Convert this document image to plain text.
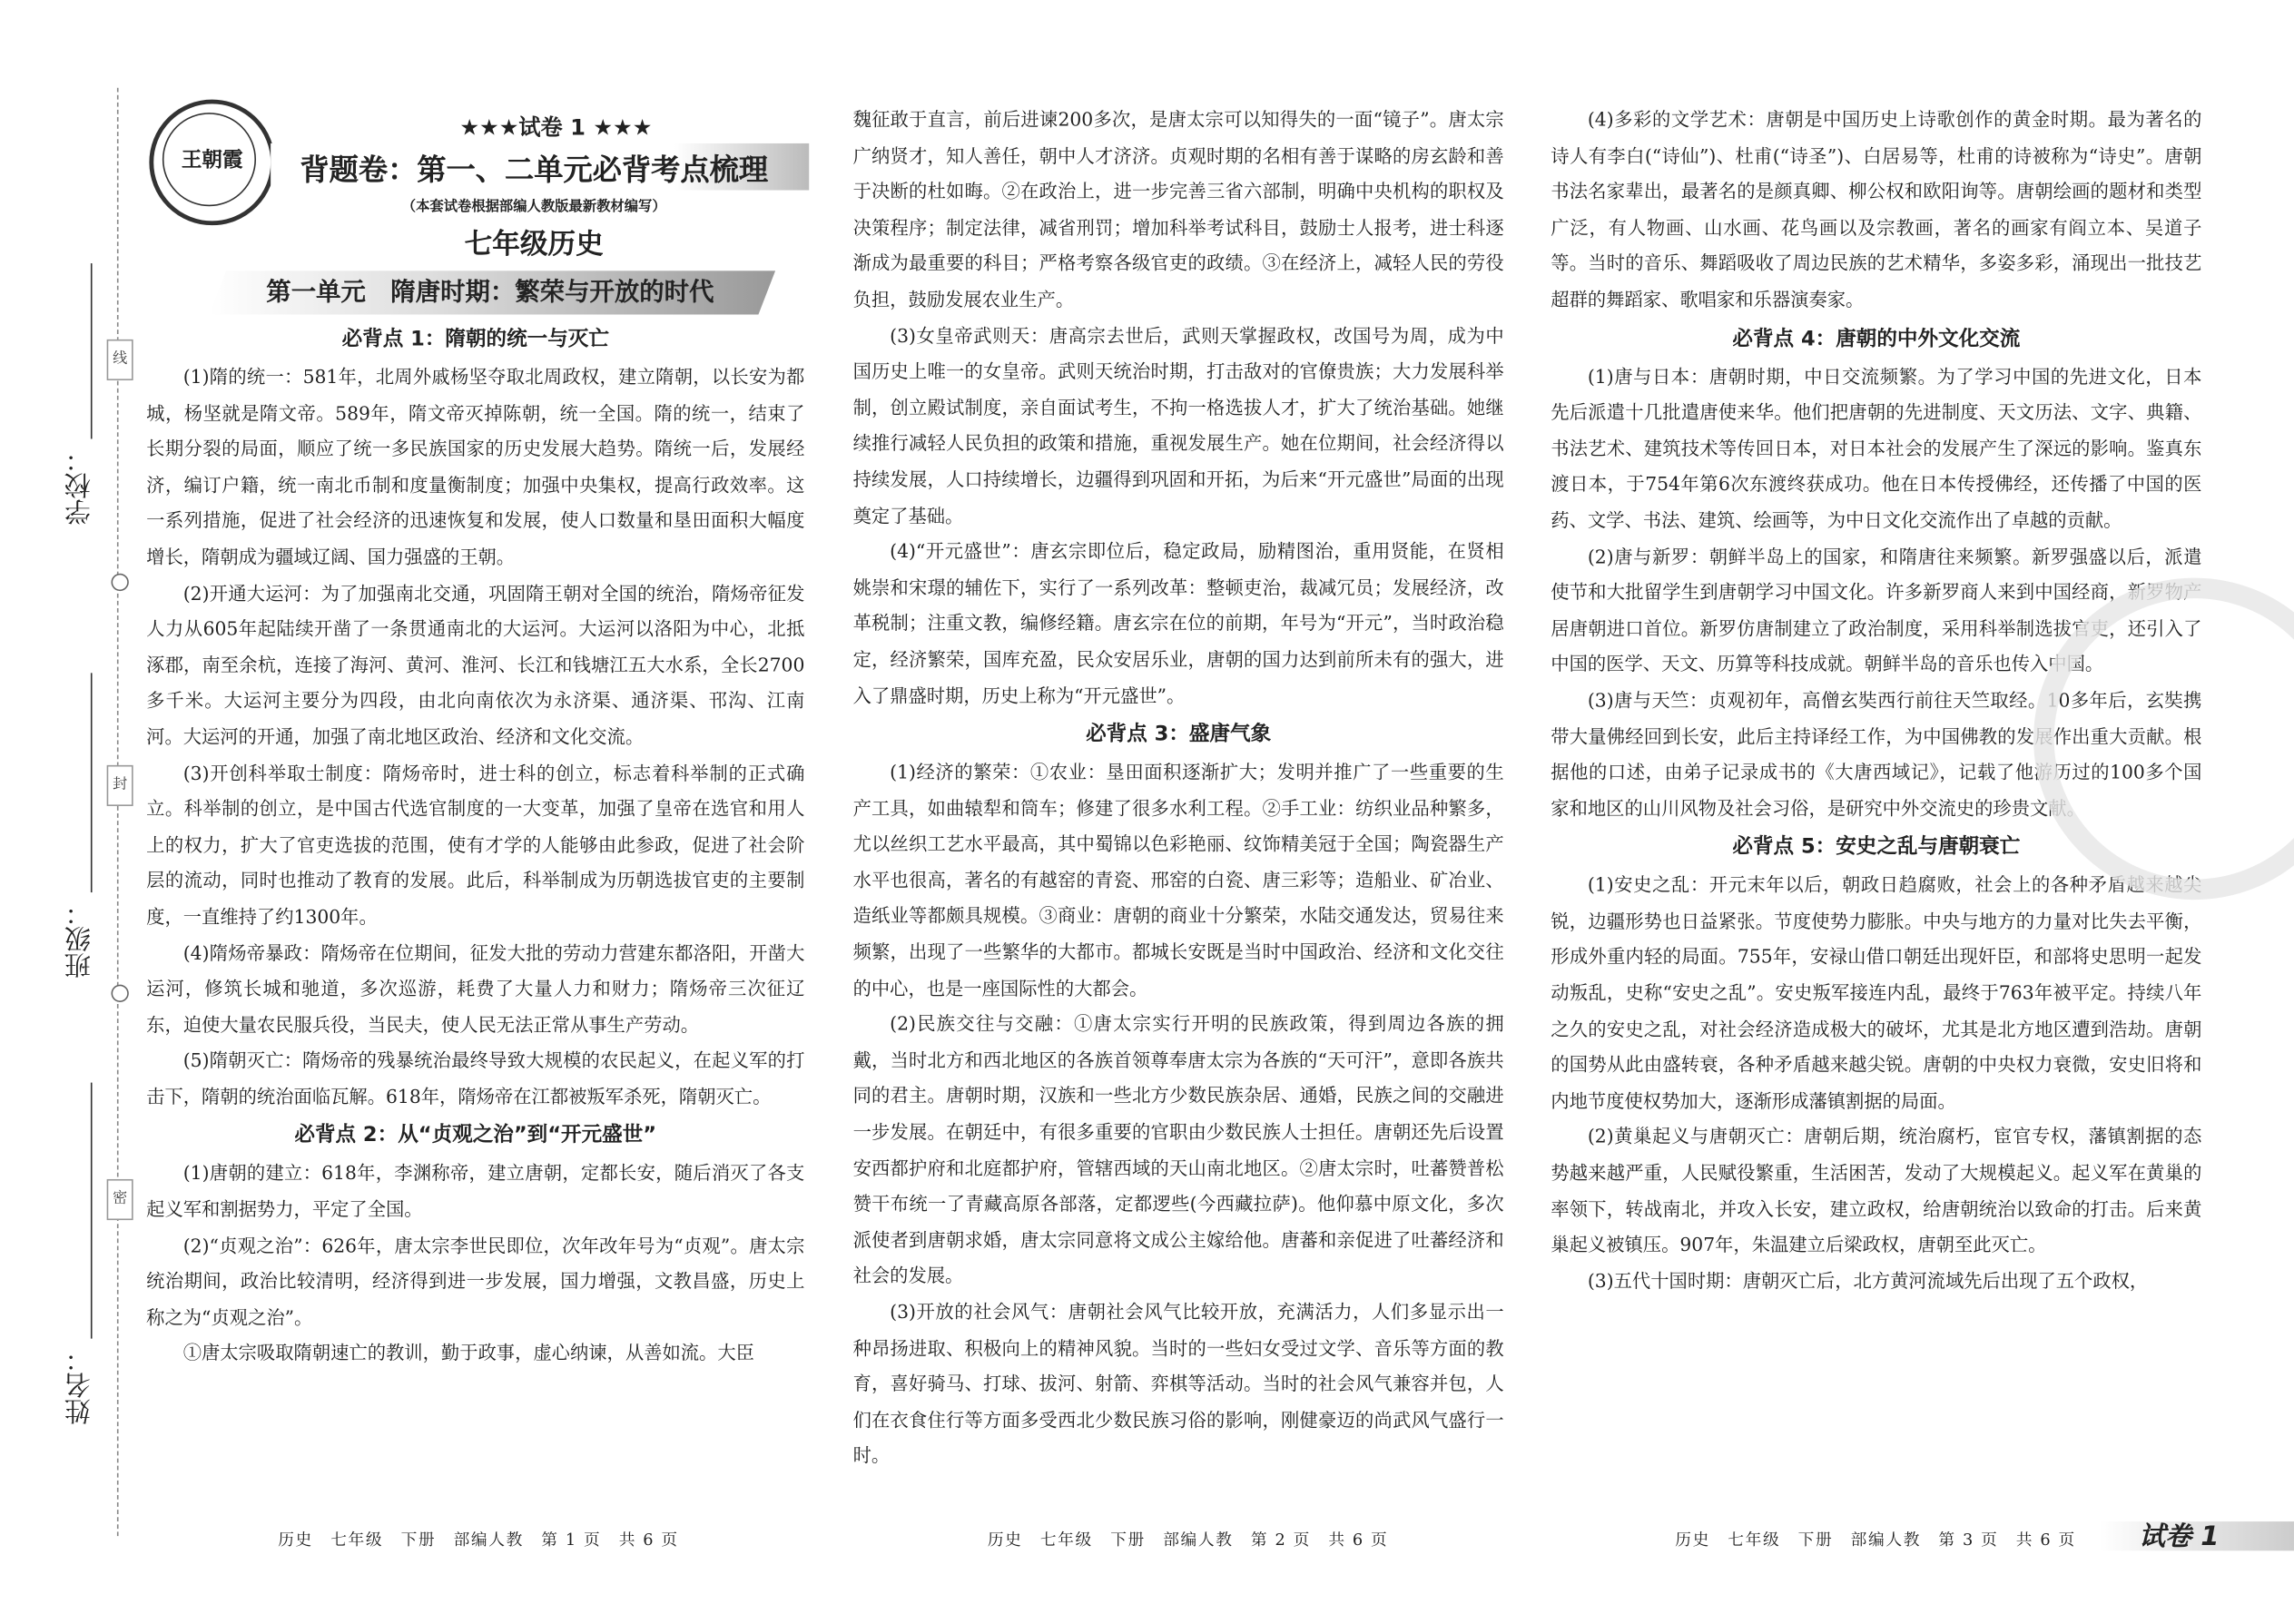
学校：
班级：
姓名：
线
封
密
王朝霞
★★★试卷 1 ★★★
背题卷：第一、二单元必背考点梳理
（本套试卷根据部编人教版最新教材编写）
七年级历史
第一单元　隋唐时期：繁荣与开放的时代
必背点 1：隋朝的统一与灭亡

(1)隋的统一：581年，北周外戚杨坚夺取北周政权，建立隋朝，以长安为都城，杨坚就是隋文帝。589年，隋文帝灭掉陈朝，统一全国。隋的统一，结束了长期分裂的局面，顺应了统一多民族国家的历史发展大趋势。隋统一后，发展经济，编订户籍，统一南北币制和度量衡制度；加强中央集权，提高行政效率。这一系列措施，促进了社会经济的迅速恢复和发展，使人口数量和垦田面积大幅度增长，隋朝成为疆域辽阔、国力强盛的王朝。

(2)开通大运河：为了加强南北交通，巩固隋王朝对全国的统治，隋炀帝征发人力从605年起陆续开凿了一条贯通南北的大运河。大运河以洛阳为中心，北抵涿郡，南至余杭，连接了海河、黄河、淮河、长江和钱塘江五大水系，全长2700多千米。大运河主要分为四段，由北向南依次为永济渠、通济渠、邗沟、江南河。大运河的开通，加强了南北地区政治、经济和文化交流。

(3)开创科举取士制度：隋炀帝时，进士科的创立，标志着科举制的正式确立。科举制的创立，是中国古代选官制度的一大变革，加强了皇帝在选官和用人上的权力，扩大了官吏选拔的范围，使有才学的人能够由此参政，促进了社会阶层的流动，同时也推动了教育的发展。此后，科举制成为历朝选拔官吏的主要制度，一直维持了约1300年。

(4)隋炀帝暴政：隋炀帝在位期间，征发大批的劳动力营建东都洛阳，开凿大运河，修筑长城和驰道，多次巡游，耗费了大量人力和财力；隋炀帝三次征辽东，迫使大量农民服兵役，当民夫，使人民无法正常从事生产劳动。

(5)隋朝灭亡：隋炀帝的残暴统治最终导致大规模的农民起义，在起义军的打击下，隋朝的统治面临瓦解。618年，隋炀帝在江都被叛军杀死，隋朝灭亡。

必背点 2：从“贞观之治”到“开元盛世”

(1)唐朝的建立：618年，李渊称帝，建立唐朝，定都长安，随后消灭了各支起义军和割据势力，平定了全国。

(2)“贞观之治”：626年，唐太宗李世民即位，次年改年号为“贞观”。唐太宗统治期间，政治比较清明，经济得到进一步发展，国力增强，文教昌盛，历史上称之为“贞观之治”。

①唐太宗吸取隋朝速亡的教训，勤于政事，虚心纳谏，从善如流。大臣

魏征敢于直言，前后进谏200多次，是唐太宗可以知得失的一面“镜子”。唐太宗广纳贤才，知人善任，朝中人才济济。贞观时期的名相有善于谋略的房玄龄和善于决断的杜如晦。②在政治上，进一步完善三省六部制，明确中央机构的职权及决策程序；制定法律，减省刑罚；增加科举考试科目，鼓励士人报考，进士科逐渐成为最重要的科目；严格考察各级官吏的政绩。③在经济上，减轻人民的劳役负担，鼓励发展农业生产。

(3)女皇帝武则天：唐高宗去世后，武则天掌握政权，改国号为周，成为中国历史上唯一的女皇帝。武则天统治时期，打击敌对的官僚贵族；大力发展科举制，创立殿试制度，亲自面试考生，不拘一格选拔人才，扩大了统治基础。她继续推行减轻人民负担的政策和措施，重视发展生产。她在位期间，社会经济得以持续发展，人口持续增长，边疆得到巩固和开拓，为后来“开元盛世”局面的出现奠定了基础。

(4)“开元盛世”：唐玄宗即位后，稳定政局，励精图治，重用贤能，在贤相姚崇和宋璟的辅佐下，实行了一系列改革：整顿吏治，裁减冗员；发展经济，改革税制；注重文教，编修经籍。唐玄宗在位的前期，年号为“开元”，当时政治稳定，经济繁荣，国库充盈，民众安居乐业，唐朝的国力达到前所未有的强大，进入了鼎盛时期，历史上称为“开元盛世”。

必背点 3：盛唐气象

(1)经济的繁荣：①农业：垦田面积逐渐扩大；发明并推广了一些重要的生产工具，如曲辕犁和筒车；修建了很多水利工程。②手工业：纺织业品种繁多，尤以丝织工艺水平最高，其中蜀锦以色彩艳丽、纹饰精美冠于全国；陶瓷器生产水平也很高，著名的有越窑的青瓷、邢窑的白瓷、唐三彩等；造船业、矿冶业、造纸业等都颇具规模。③商业：唐朝的商业十分繁荣，水陆交通发达，贸易往来频繁，出现了一些繁华的大都市。都城长安既是当时中国政治、经济和文化交往的中心，也是一座国际性的大都会。

(2)民族交往与交融：①唐太宗实行开明的民族政策，得到周边各族的拥戴，当时北方和西北地区的各族首领尊奉唐太宗为各族的“天可汗”，意即各族共同的君主。唐朝时期，汉族和一些北方少数民族杂居、通婚，民族之间的交融进一步发展。在朝廷中，有很多重要的官职由少数民族人士担任。唐朝还先后设置安西都护府和北庭都护府，管辖西域的天山南北地区。②唐太宗时，吐蕃赞普松赞干布统一了青藏高原各部落，定都逻些(今西藏拉萨)。他仰慕中原文化，多次派使者到唐朝求婚，唐太宗同意将文成公主嫁给他。唐蕃和亲促进了吐蕃经济和社会的发展。

(3)开放的社会风气：唐朝社会风气比较开放，充满活力，人们多显示出一种昂扬进取、积极向上的精神风貌。当时的一些妇女受过文学、音乐等方面的教育，喜好骑马、打球、拔河、射箭、弈棋等活动。当时的社会风气兼容并包，人们在衣食住行等方面多受西北少数民族习俗的影响，刚健豪迈的尚武风气盛行一时。

(4)多彩的文学艺术：唐朝是中国历史上诗歌创作的黄金时期。最为著名的诗人有李白(“诗仙”)、杜甫(“诗圣”)、白居易等，杜甫的诗被称为“诗史”。唐朝书法名家辈出，最著名的是颜真卿、柳公权和欧阳询等。唐朝绘画的题材和类型广泛，有人物画、山水画、花鸟画以及宗教画，著名的画家有阎立本、吴道子等。当时的音乐、舞蹈吸收了周边民族的艺术精华，多姿多彩，涌现出一批技艺超群的舞蹈家、歌唱家和乐器演奏家。

必背点 4：唐朝的中外文化交流

(1)唐与日本：唐朝时期，中日交流频繁。为了学习中国的先进文化，日本先后派遣十几批遣唐使来华。他们把唐朝的先进制度、天文历法、文字、典籍、书法艺术、建筑技术等传回日本，对日本社会的发展产生了深远的影响。鉴真东渡日本，于754年第6次东渡终获成功。他在日本传授佛经，还传播了中国的医药、文学、书法、建筑、绘画等，为中日文化交流作出了卓越的贡献。

(2)唐与新罗：朝鲜半岛上的国家，和隋唐往来频繁。新罗强盛以后，派遣使节和大批留学生到唐朝学习中国文化。许多新罗商人来到中国经商，新罗物产居唐朝进口首位。新罗仿唐制建立了政治制度，采用科举制选拔官吏，还引入了中国的医学、天文、历算等科技成就。朝鲜半岛的音乐也传入中国。

(3)唐与天竺：贞观初年，高僧玄奘西行前往天竺取经。10多年后，玄奘携带大量佛经回到长安，此后主持译经工作，为中国佛教的发展作出重大贡献。根据他的口述，由弟子记录成书的《大唐西域记》，记载了他游历过的100多个国家和地区的山川风物及社会习俗，是研究中外交流史的珍贵文献。

必背点 5：安史之乱与唐朝衰亡

(1)安史之乱：开元末年以后，朝政日趋腐败，社会上的各种矛盾越来越尖锐，边疆形势也日益紧张。节度使势力膨胀。中央与地方的力量对比失去平衡，形成外重内轻的局面。755年，安禄山借口朝廷出现奸臣，和部将史思明一起发动叛乱，史称“安史之乱”。安史叛军接连内乱，最终于763年被平定。持续八年之久的安史之乱，对社会经济造成极大的破坏，尤其是北方地区遭到浩劫。唐朝的国势从此由盛转衰，各种矛盾越来越尖锐。唐朝的中央权力衰微，安史旧将和内地节度使权势加大，逐渐形成藩镇割据的局面。

(2)黄巢起义与唐朝灭亡：唐朝后期，统治腐朽，宦官专权，藩镇割据的态势越来越严重，人民赋役繁重，生活困苦，发动了大规模起义。起义军在黄巢的率领下，转战南北，并攻入长安，建立政权，给唐朝统治以致命的打击。后来黄巢起义被镇压。907年，朱温建立后梁政权，唐朝至此灭亡。

(3)五代十国时期：唐朝灭亡后，北方黄河流域先后出现了五个政权，

历史　七年级　下册　部编人教　第 1 页　共 6 页	历史　七年级　下册　部编人教　第 2 页　共 6 页	历史　七年级　下册　部编人教　第 3 页　共 6 页	试卷 1
